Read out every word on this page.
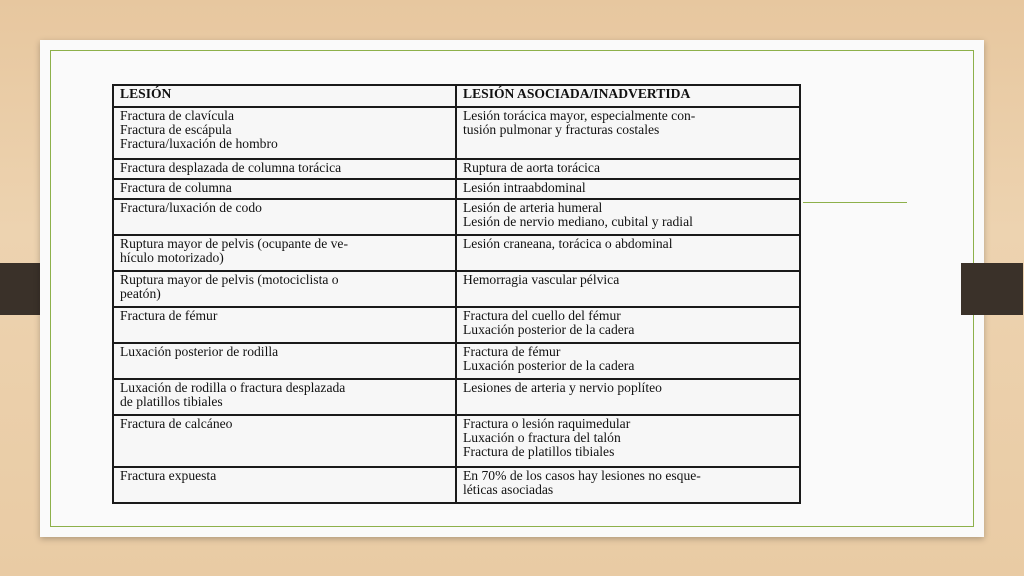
LESIÓN	LESIÓN ASOCIADA/INADVERTIDA

Fractura de clavícula
Fractura de escápula
Fractura/luxación de hombro	Lesión torácica mayor, especialmente con-
tusión pulmonar y fracturas costales

Fractura desplazada de columna torácica	Ruptura de aorta torácica

Fractura de columna	Lesión intraabdominal

Fractura/luxación de codo	Lesión de arteria humeral
Lesión de nervio mediano, cubital y radial

Ruptura mayor de pelvis (ocupante de ve-
hículo motorizado)	Lesión craneana, torácica o abdominal

Ruptura mayor de pelvis (motociclista o
peatón)	Hemorragia vascular pélvica

Fractura de fémur	Fractura del cuello del fémur
Luxación posterior de la cadera

Luxación posterior de rodilla	Fractura de fémur
Luxación posterior de la cadera

Luxación de rodilla o fractura desplazada
de platillos tibiales	Lesiones de arteria y nervio poplíteo

Fractura de calcáneo	Fractura o lesión raquimedular
Luxación o fractura del talón
Fractura de platillos tibiales

Fractura expuesta	En 70% de los casos hay lesiones no esque-
léticas asociadas
